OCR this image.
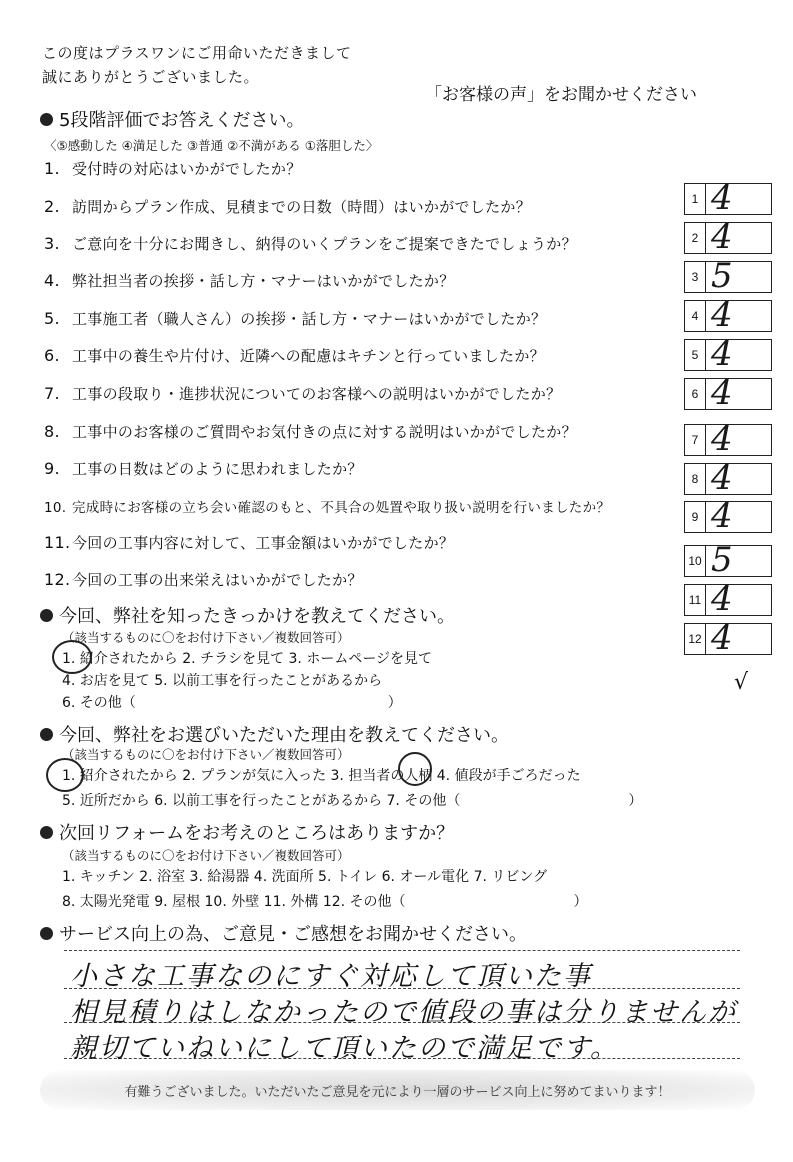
この度はプラスワンにご用命いただきまして
誠にありがとうございました。
「お客様の声」をお聞かせください
5段階評価でお答えください。
〈⑤感動した ④満足した ③普通 ②不満がある ①落胆した〉
1. 受付時の対応はいかがでしたか？
2. 訪問からプラン作成、見積までの日数（時間）はいかがでしたか？
3. ご意向を十分にお聞きし、納得のいくプランをご提案できたでしょうか？
4. 弊社担当者の挨拶・話し方・マナーはいかがでしたか？
5. 工事施工者（職人さん）の挨拶・話し方・マナーはいかがでしたか？
6. 工事中の養生や片付け、近隣への配慮はキチンと行っていましたか？
7. 工事の段取り・進捗状況についてのお客様への説明はいかがでしたか？
8. 工事中のお客様のご質問やお気付きの点に対する説明はいかがでしたか？
9. 工事の日数はどのように思われましたか？
10. 完成時にお客様の立ち会い確認のもと、不具合の処置や取り扱い説明を行いましたか？
11. 今回の工事内容に対して、工事金額はいかがでしたか？
12. 今回の工事の出来栄えはいかがでしたか？
1 4
2 4
3 5
4 4
5 4
6 4
7 4
8 4
9 4
10 5
11 4
12 4
√
今回、弊社を知ったきっかけを教えてください。
（該当するものに〇をお付け下さい／複数回答可）
1. 紹介されたから 2. チラシを見て 3. ホームページを見て
4. お店を見て 5. 以前工事を行ったことがあるから
6. その他（　　　　　　　　　　　　　　　　　　）
今回、弊社をお選びいただいた理由を教えてください。
（該当するものに〇をお付け下さい／複数回答可）
1. 紹介されたから 2. プランが気に入った 3. 担当者の人柄 4. 値段が手ごろだった
5. 近所だから 6. 以前工事を行ったことがあるから 7. その他（　　　　　　　　　　　　）
次回リフォームをお考えのところはありますか？
（該当するものに〇をお付け下さい／複数回答可）
1. キッチン 2. 浴室 3. 給湯器 4. 洗面所 5. トイレ 6. オール電化 7. リビング
8. 太陽光発電 9. 屋根 10. 外壁 11. 外構 12. その他（　　　　　　　　　　　　）
サービス向上の為、ご意見・ご感想をお聞かせください。
小さな工事なのにすぐ対応して頂いた事
相見積りはしなかったので値段の事は分りませんが
親切ていねいにして頂いたので満足です。
有難うございました。いただいたご意見を元により一層のサービス向上に努めてまいります！
